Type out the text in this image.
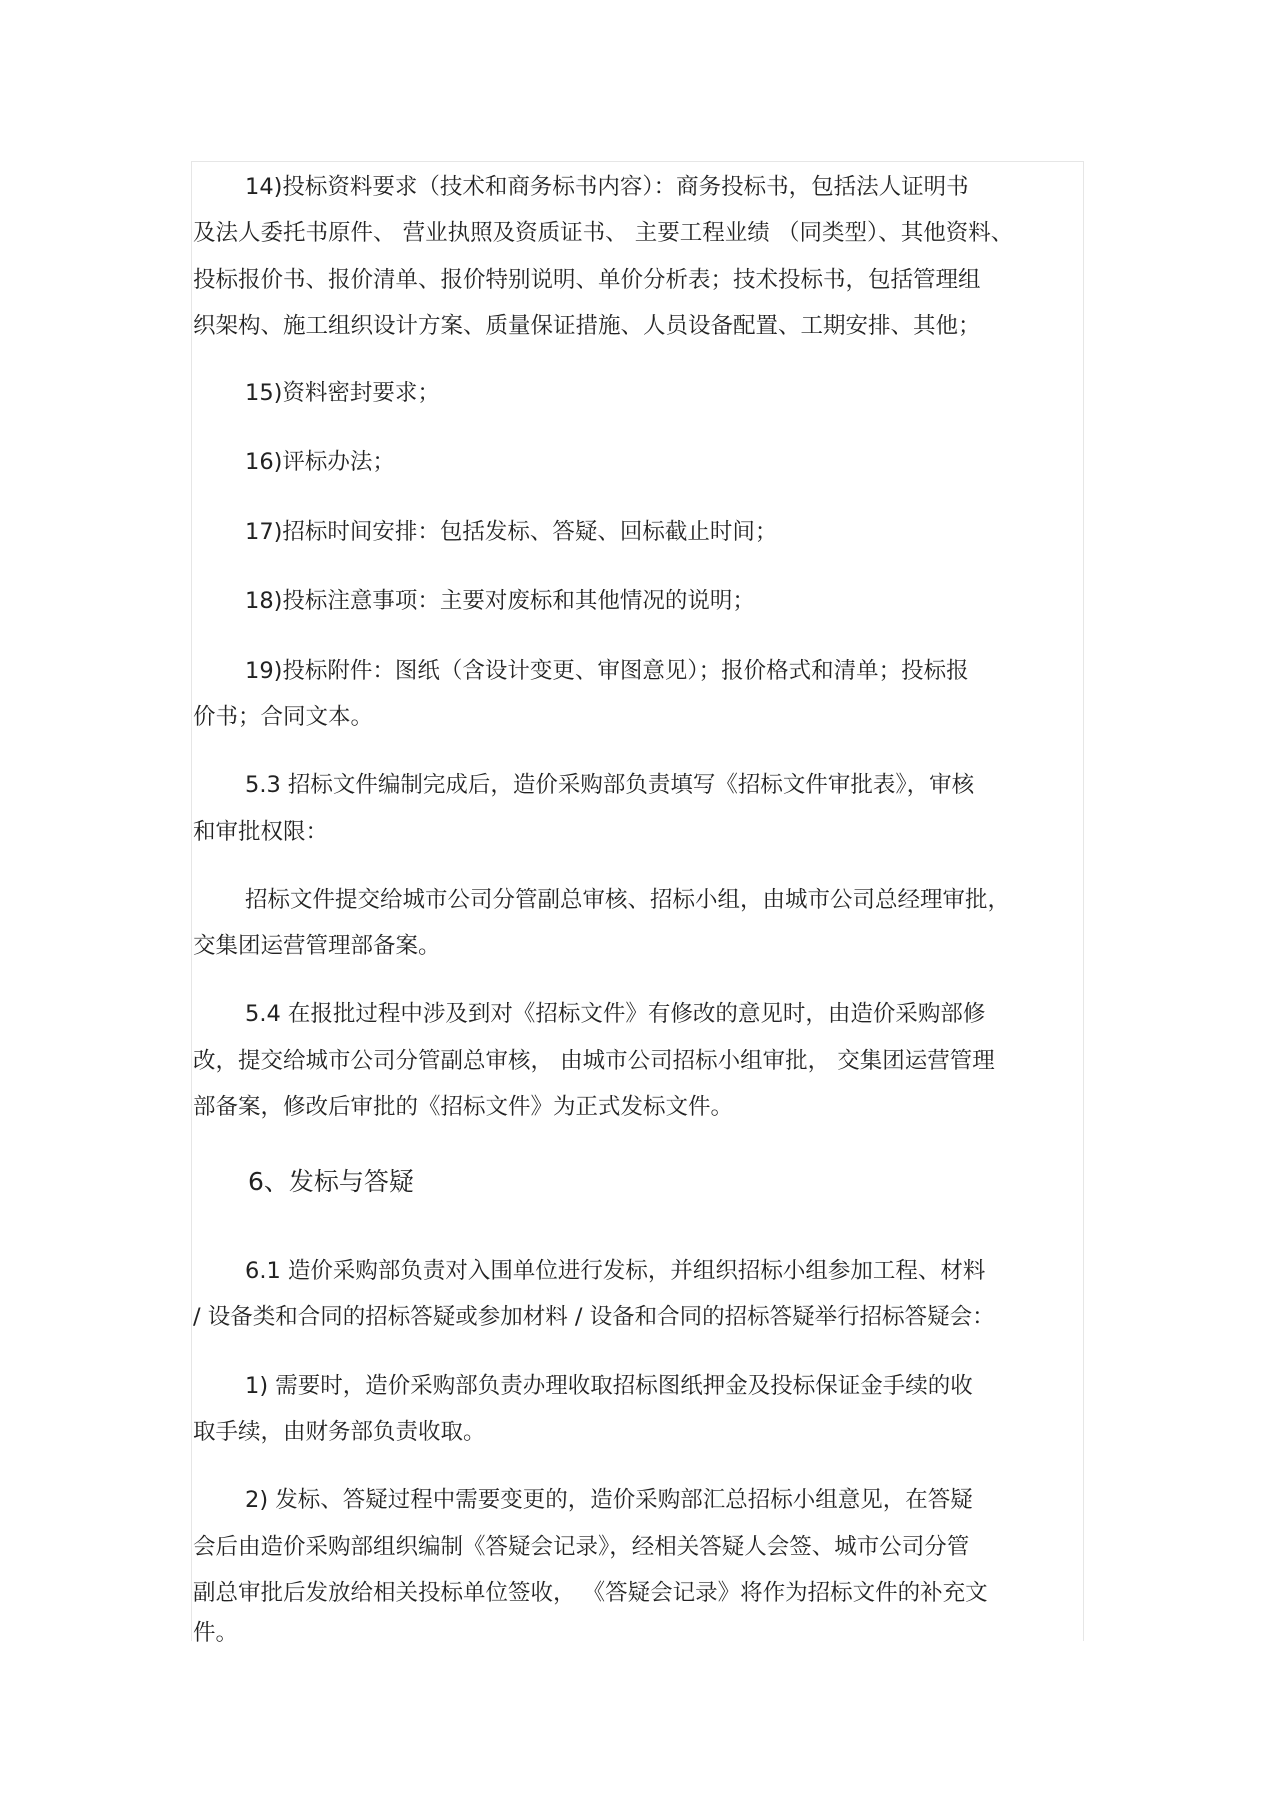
14)投标资料要求（技术和商务标书内容）：商务投标书，包括法人证明书
及法人委托书原件、 营业执照及资质证书、 主要工程业绩 （同类型）、其他资料、
投标报价书、报价清单、报价特别说明、单价分析表；技术投标书，包括管理组
织架构、施工组织设计方案、质量保证措施、人员设备配置、工期安排、其他；
15)资料密封要求；
16)评标办法；
17)招标时间安排：包括发标、答疑、回标截止时间；
18)投标注意事项：主要对废标和其他情况的说明；
19)投标附件：图纸（含设计变更、审图意见）；报价格式和清单；投标报
价书；合同文本。
5.3 招标文件编制完成后，造价采购部负责填写《招标文件审批表》，审核
和审批权限：
招标文件提交给城市公司分管副总审核、招标小组，由城市公司总经理审批，
交集团运营管理部备案。
5.4 在报批过程中涉及到对《招标文件》有修改的意见时，由造价采购部修
改，提交给城市公司分管副总审核， 由城市公司招标小组审批， 交集团运营管理
部备案，修改后审批的《招标文件》为正式发标文件。
6、发标与答疑
6.1 造价采购部负责对入围单位进行发标，并组织招标小组参加工程、材料
/ 设备类和合同的招标答疑或参加材料 / 设备和合同的招标答疑举行招标答疑会：
1) 需要时，造价采购部负责办理收取招标图纸押金及投标保证金手续的收
取手续，由财务部负责收取。
2) 发标、答疑过程中需要变更的，造价采购部汇总招标小组意见，在答疑
会后由造价采购部组织编制《答疑会记录》，经相关答疑人会签、城市公司分管
副总审批后发放给相关投标单位签收， 《答疑会记录》将作为招标文件的补充文
件。
